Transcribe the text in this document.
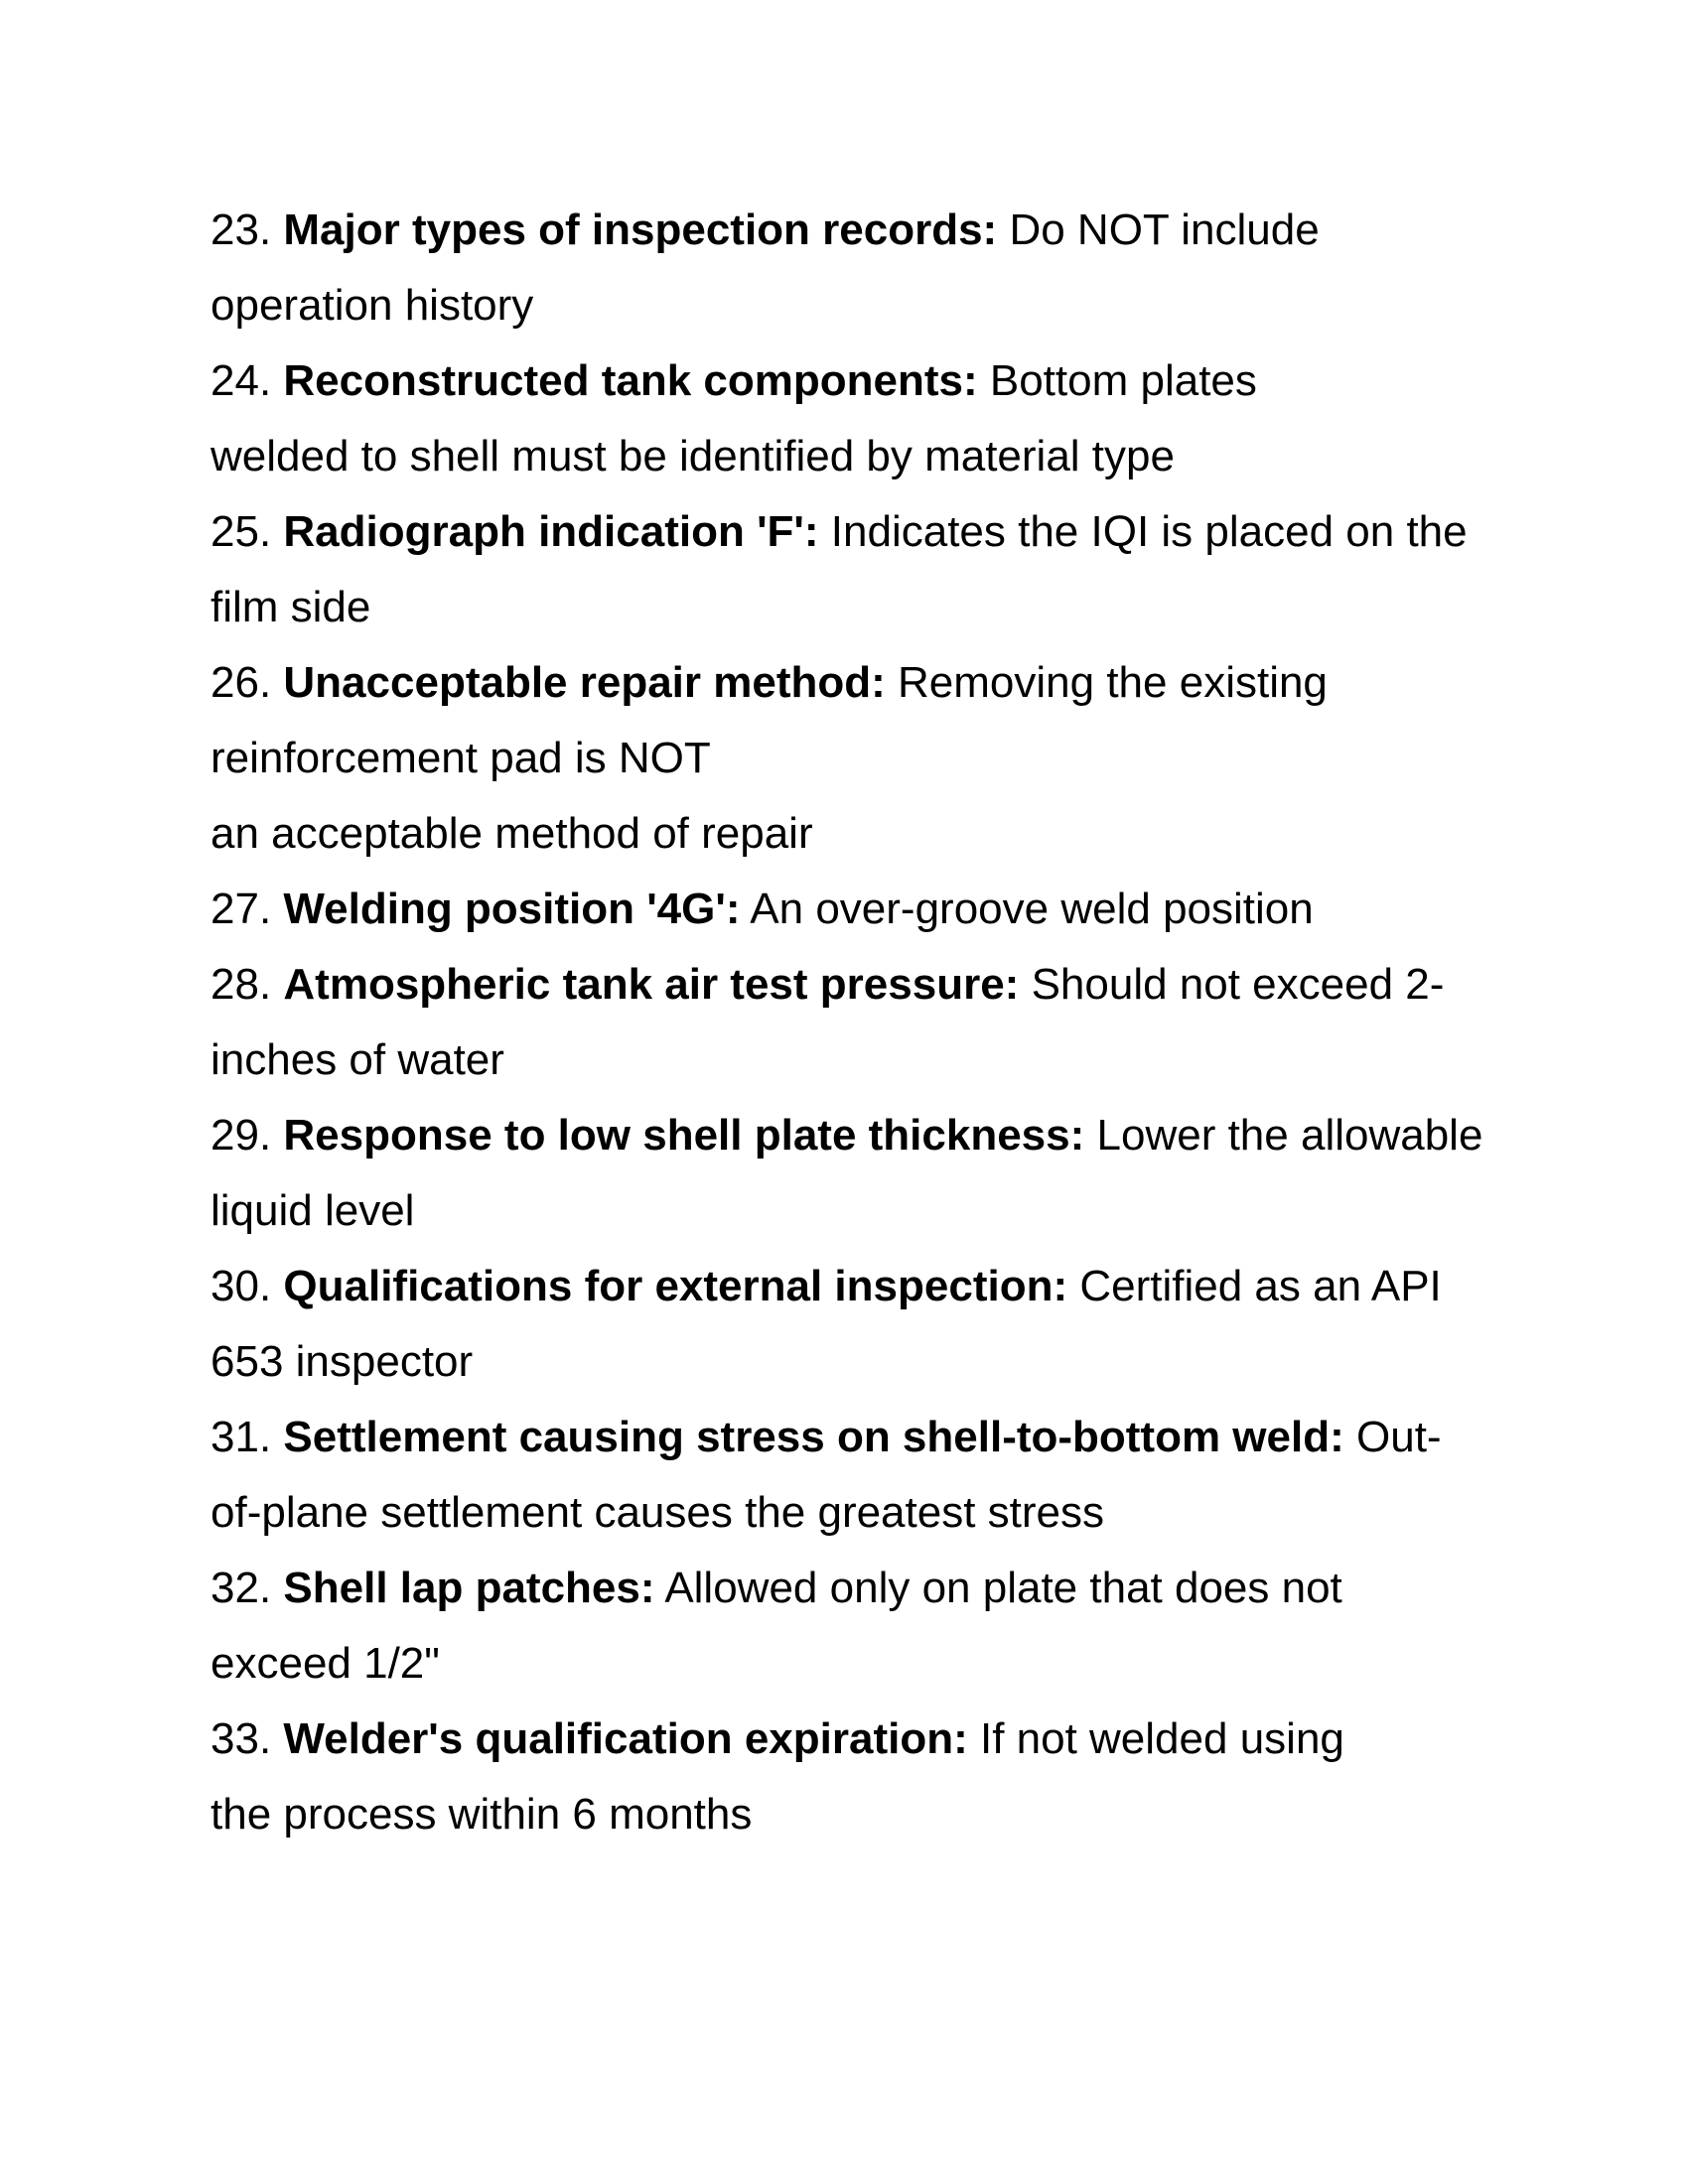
23. Major types of inspection records: Do NOT include
operation history
24. Reconstructed tank components: Bottom plates
welded to shell must be identified by material type
25. Radiograph indication 'F': Indicates the IQI is placed on the
film side
26. Unacceptable repair method: Removing the existing
reinforcement pad is NOT
an acceptable method of repair
27. Welding position '4G': An over-groove weld position
28. Atmospheric tank air test pressure: Should not exceed 2-
inches of water
29. Response to low shell plate thickness: Lower the allowable
liquid level
30. Qualifications for external inspection: Certified as an API
653 inspector
31. Settlement causing stress on shell-to-bottom weld: Out-
of-plane settlement causes the greatest stress
32. Shell lap patches: Allowed only on plate that does not
exceed 1/2"
33. Welder's qualification expiration: If not welded using
the process within 6 months
